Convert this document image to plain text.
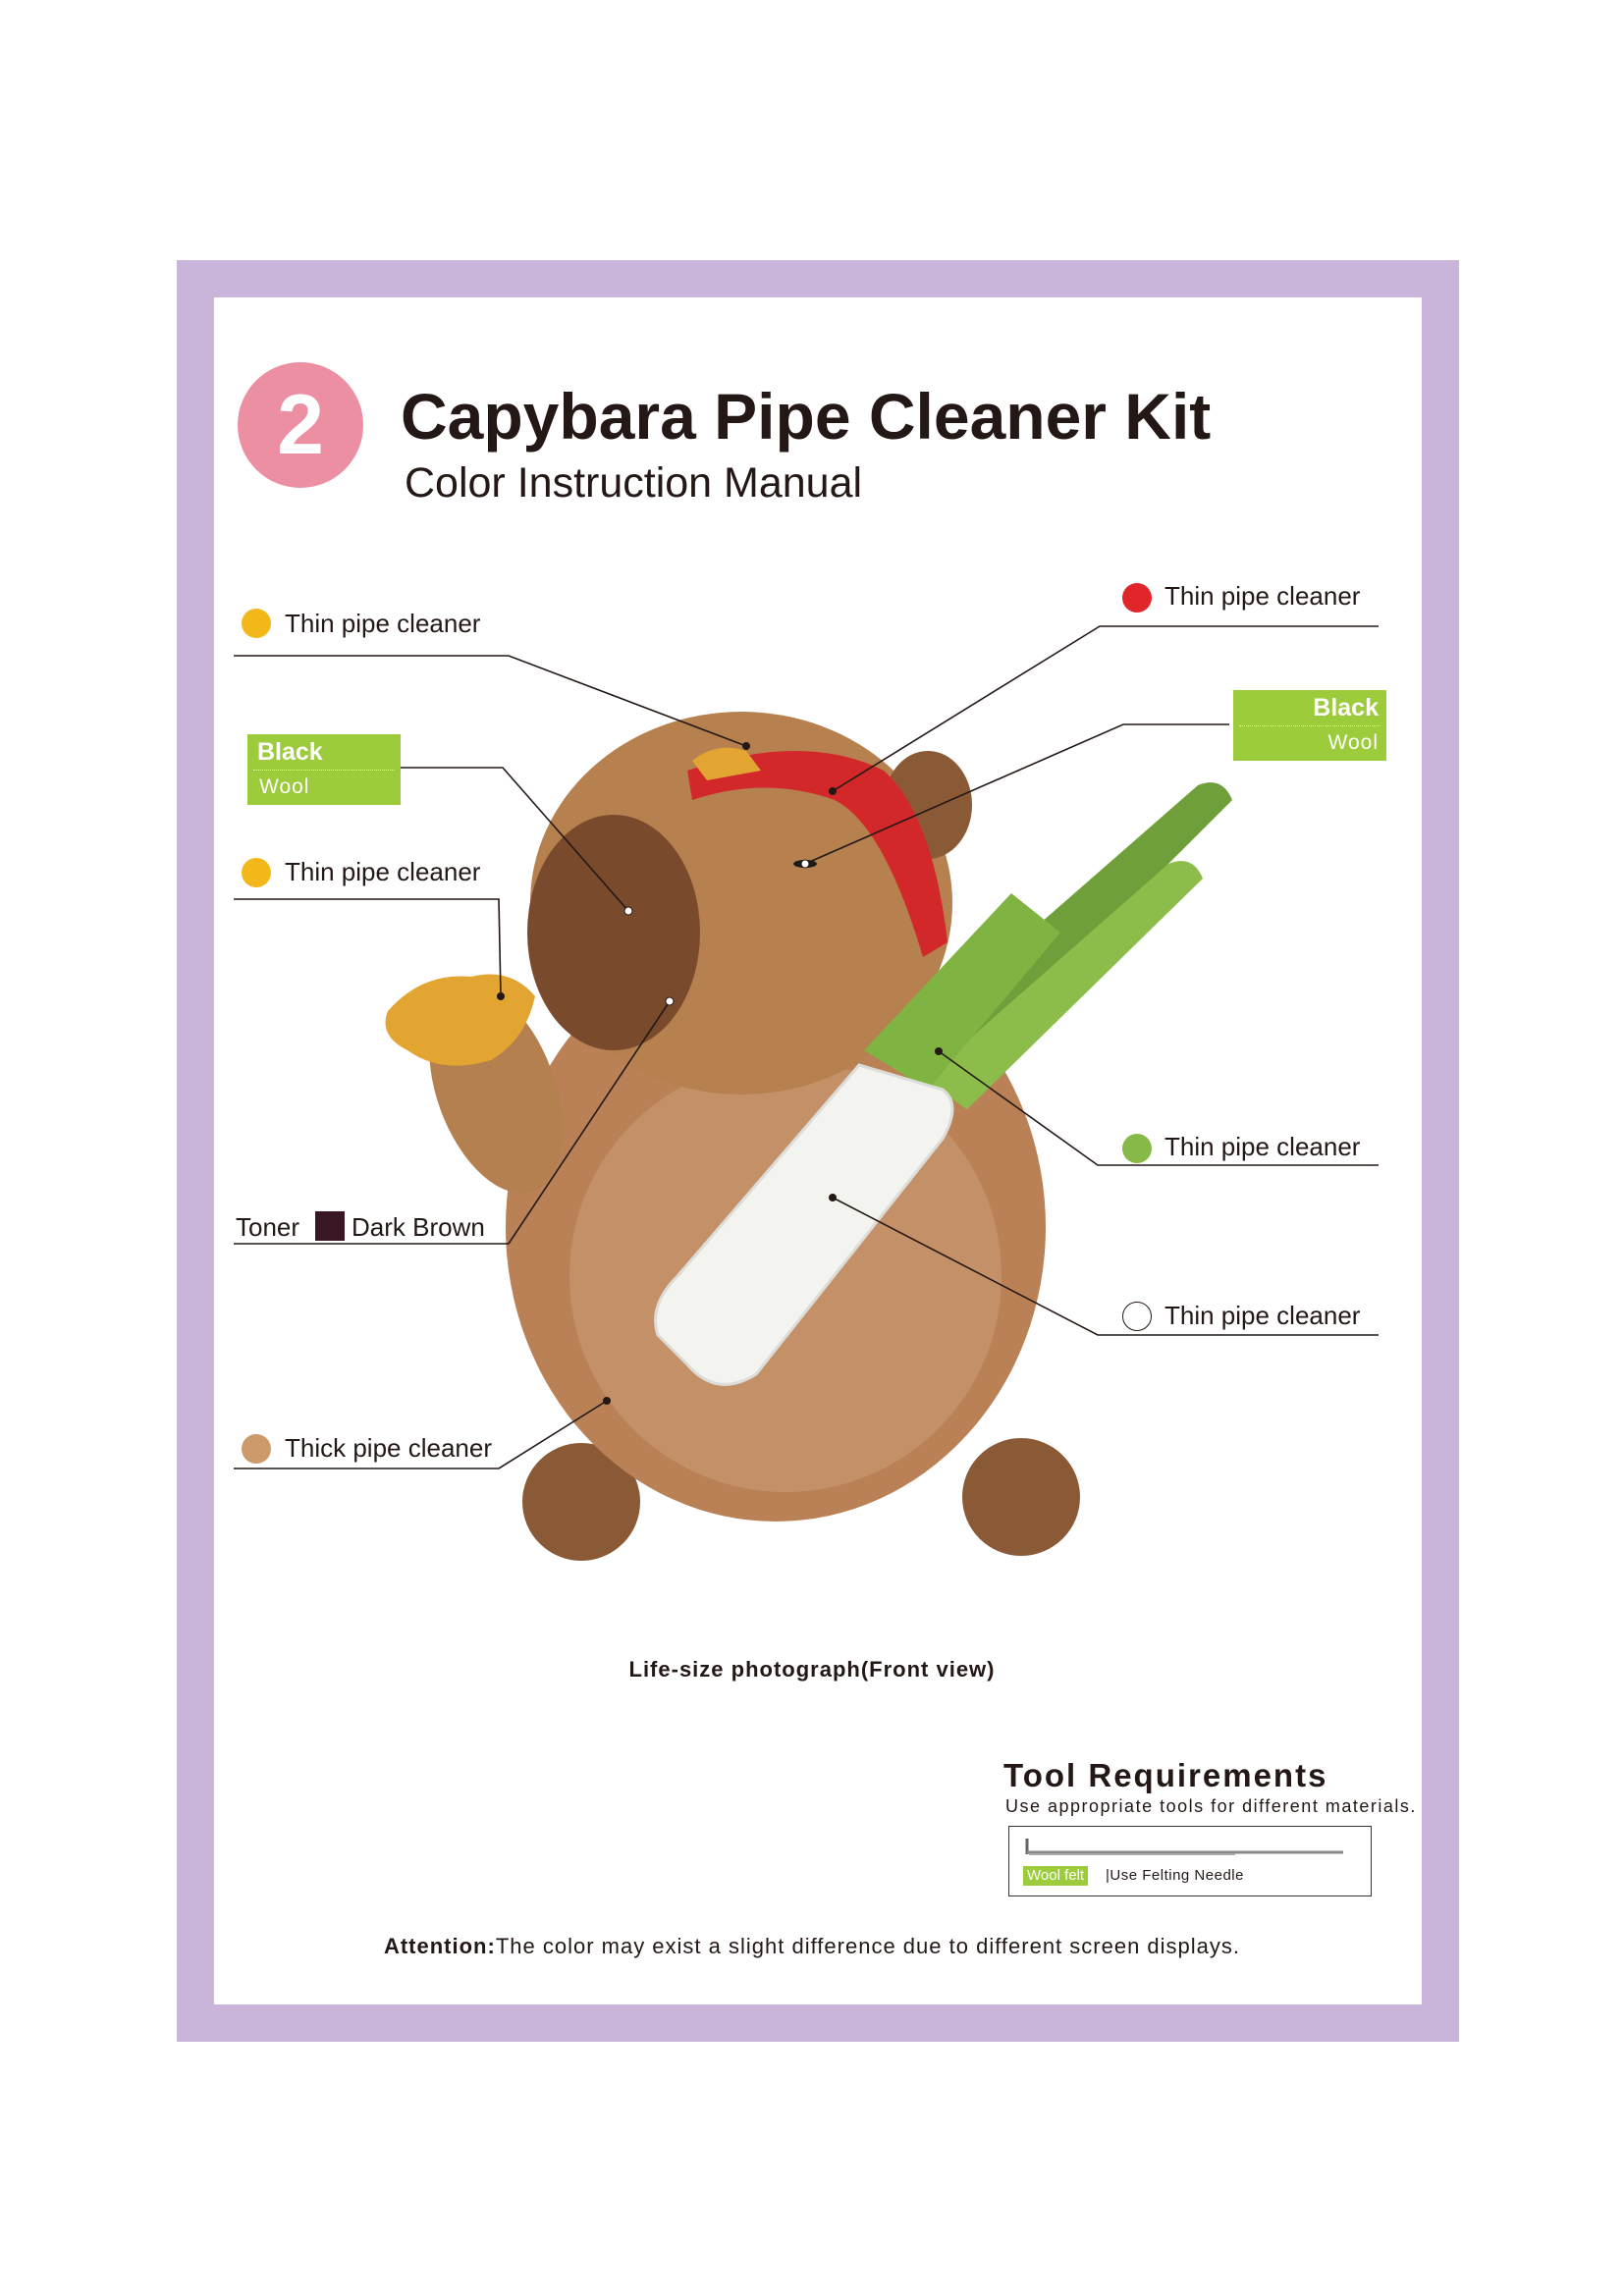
2	Capybara Pipe Cleaner Kit
Color Instruction Manual
Thin pipe cleaner
Black
Wool
Thin pipe cleaner
Toner Dark Brown
Thick pipe cleaner
Thin pipe cleaner
Black
Wool
Thin pipe cleaner
Thin pipe cleaner
Life-size photograph(Front view)
Tool Requirements
Use appropriate tools for different materials.
Wool felt |Use Felting Needle
Attention:The color may exist a slight difference due to different screen displays.
